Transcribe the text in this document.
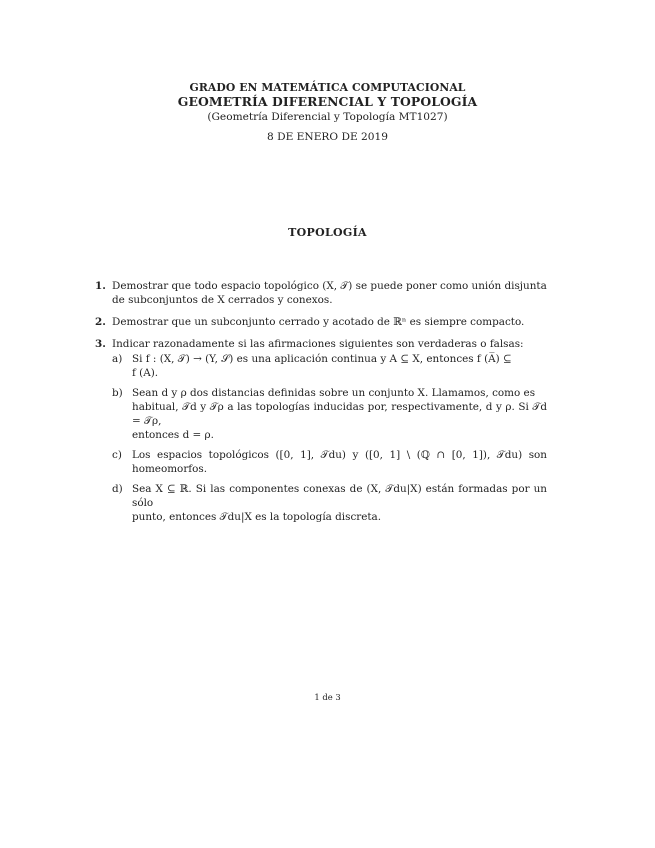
GRADO EN MATEMÁTICA COMPUTACIONAL
GEOMETRÍA DIFERENCIAL Y TOPOLOGÍA
(Geometría Diferencial y Topología MT1027)
8 DE ENERO DE 2019
TOPOLOGÍA
1. Demostrar que todo espacio topológico (X, 𝒯) se puede poner como unión disjunta
de subconjuntos de X cerrados y conexos.
2. Demostrar que un subconjunto cerrado y acotado de ℝⁿ es siempre compacto.
3. Indicar razonadamente si las afirmaciones siguientes son verdaderas o falsas:
a) Si f : (X, 𝒯) → (Y, 𝒮) es una aplicación continua y A ⊆ X, entonces f (A̅) ⊆
f (A).
b) Sean d y ρ dos distancias definidas sobre un conjunto X. Llamamos, como es
habitual, 𝒯d y 𝒯ρ a las topologías inducidas por, respectivamente, d y ρ. Si 𝒯d = 𝒯ρ,
entonces d = ρ.
c) Los espacios topológicos ([0, 1], 𝒯du) y ([0, 1] \ (ℚ ∩ [0, 1]), 𝒯du) son homeomorfos.
d) Sea X ⊆ ℝ. Si las componentes conexas de (X, 𝒯du|X) están formadas por un sólo
punto, entonces 𝒯du|X es la topología discreta.
1 de 3
